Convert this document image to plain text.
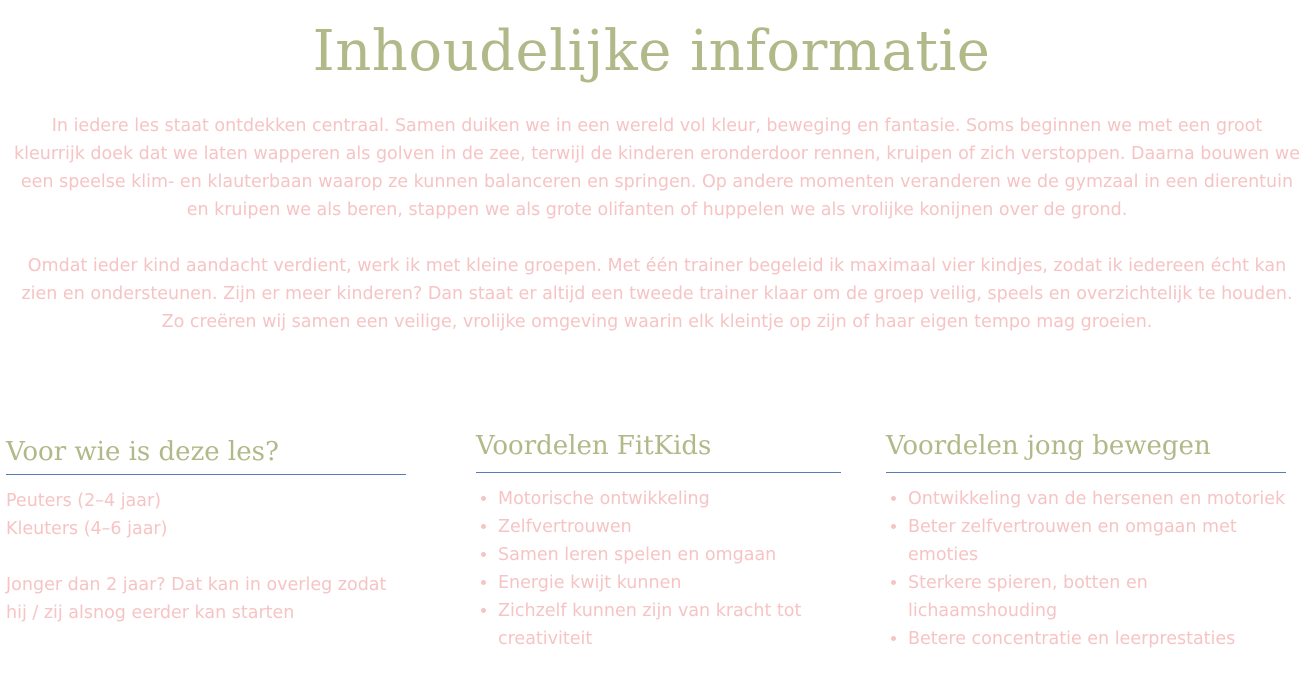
Inhoudelijke informatie

In iedere les staat ontdekken centraal. Samen duiken we in een wereld vol kleur, beweging en fantasie. Soms beginnen we met een groot kleurrijk doek dat we laten wapperen als golven in de zee, terwijl de kinderen eronderdoor rennen, kruipen of zich verstoppen. Daarna bouwen we een speelse klim- en klauterbaan waarop ze kunnen balanceren en springen. Op andere momenten veranderen we de gymzaal in een dierentuin en kruipen we als beren, stappen we als grote olifanten of huppelen we als vrolijke konijnen over de grond.

Omdat ieder kind aandacht verdient, werk ik met kleine groepen. Met één trainer begeleid ik maximaal vier kindjes, zodat ik iedereen écht kan zien en ondersteunen. Zijn er meer kinderen? Dan staat er altijd een tweede trainer klaar om de groep veilig, speels en overzichtelijk te houden.

Zo creëren wij samen een veilige, vrolijke omgeving waarin elk kleintje op zijn of haar eigen tempo mag groeien.

Voor wie is deze les?

Peuters (2–4 jaar)

Kleuters (4–6 jaar)

Jonger dan 2 jaar? Dat kan in overleg zodat hij / zij alsnog eerder kan starten

Voordelen FitKids
• Motorische ontwikkeling
• Zelfvertrouwen
• Samen leren spelen en omgaan
• Energie kwijt kunnen
• Zichzelf kunnen zijn van kracht tot creativiteit
Voordelen jong bewegen
• Ontwikkeling van de hersenen en motoriek
• Beter zelfvertrouwen en omgaan met emoties
• Sterkere spieren, botten en lichaamshouding
• Betere concentratie en leerprestaties
